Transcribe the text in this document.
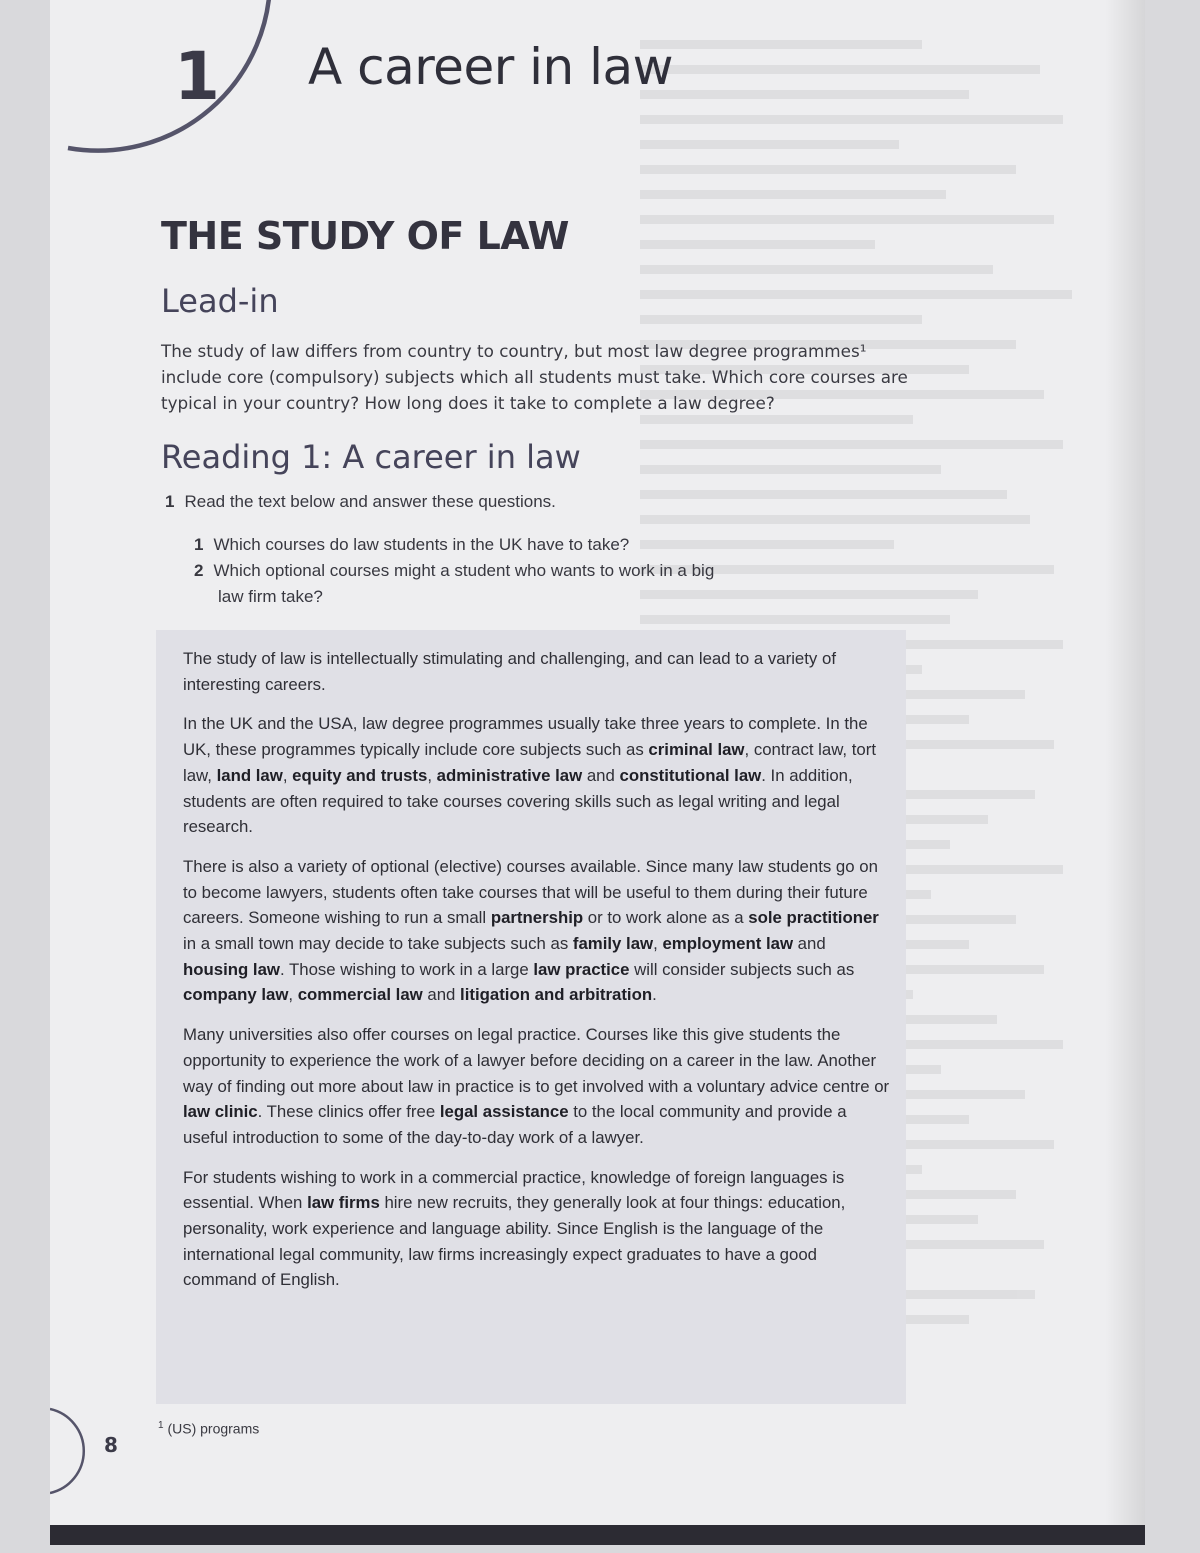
1 A career in law
THE STUDY OF LAW
Lead-in
The study of law differs from country to country, but most law degree programmes¹ include core (compulsory) subjects which all students must take. Which core courses are typical in your country? How long does it take to complete a law degree?
Reading 1: A career in law
1 Read the text below and answer these questions.
1 Which courses do law students in the UK have to take?
2 Which optional courses might a student who wants to work in a big
law firm take?

The study of law is intellectually stimulating and challenging, and can lead to a variety of interesting careers.

In the UK and the USA, law degree programmes usually take three years to complete. In the UK, these programmes typically include core subjects such as criminal law, contract law, tort law, land law, equity and trusts, administrative law and constitutional law. In addition, students are often required to take courses covering skills such as legal writing and legal research.

There is also a variety of optional (elective) courses available. Since many law students go on to become lawyers, students often take courses that will be useful to them during their future careers. Someone wishing to run a small partnership or to work alone as a sole practitioner in a small town may decide to take subjects such as family law, employment law and housing law. Those wishing to work in a large law practice will consider subjects such as company law, commercial law and litigation and arbitration.

Many universities also offer courses on legal practice. Courses like this give students the opportunity to experience the work of a lawyer before deciding on a career in the law. Another way of finding out more about law in practice is to get involved with a voluntary advice centre or law clinic. These clinics offer free legal assistance to the local community and provide a useful introduction to some of the day-to-day work of a lawyer.

For students wishing to work in a commercial practice, knowledge of foreign languages is essential. When law firms hire new recruits, they generally look at four things: education, personality, work experience and language ability. Since English is the language of the international legal community, law firms increasingly expect graduates to have a good command of English.

$^1$ (US) programs
8
